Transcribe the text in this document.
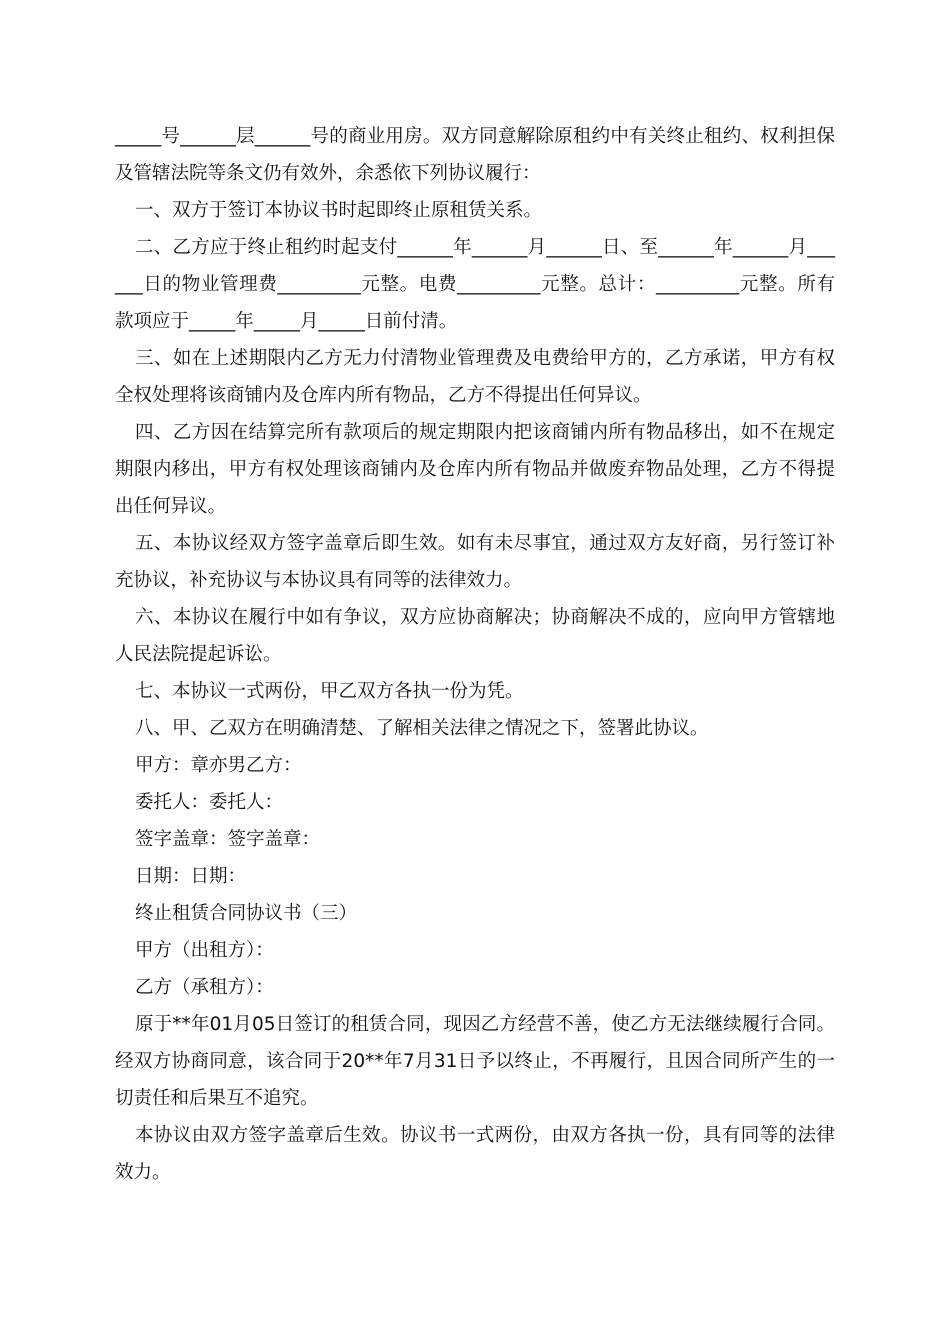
_____号______层______号的商业用房。双方同意解除原租约中有关终止租约、权利担保及管辖法院等条文仍有效外，余悉依下列协议履行：

一、双方于签订本协议书时起即终止原租赁关系。

二、乙方应于终止租约时起支付______年______月______日、至______年______月______日的物业管理费_________元整。电费_________元整。总计：_________元整。所有款项应于_____年_____月_____日前付清。

三、如在上述期限内乙方无力付清物业管理费及电费给甲方的，乙方承诺，甲方有权全权处理将该商铺内及仓库内所有物品，乙方不得提出任何异议。

四、乙方因在结算完所有款项后的规定期限内把该商铺内所有物品移出，如不在规定期限内移出，甲方有权处理该商铺内及仓库内所有物品并做废弃物品处理，乙方不得提出任何异议。

五、本协议经双方签字盖章后即生效。如有未尽事宜，通过双方友好商，另行签订补充协议，补充协议与本协议具有同等的法律效力。

六、本协议在履行中如有争议，双方应协商解决；协商解决不成的，应向甲方管辖地人民法院提起诉讼。

七、本协议一式两份，甲乙双方各执一份为凭。

八、甲、乙双方在明确清楚、了解相关法律之情况之下，签署此协议。

甲方：章亦男乙方：

委托人：委托人：

签字盖章：签字盖章：

日期：日期：

终止租赁合同协议书（三）

甲方（出租方）：

乙方（承租方）：

原于**年01月05日签订的租赁合同，现因乙方经营不善，使乙方无法继续履行合同。经双方协商同意，该合同于20**年7月31日予以终止，不再履行，且因合同所产生的一切责任和后果互不追究。

本协议由双方签字盖章后生效。协议书一式两份，由双方各执一份，具有同等的法律效力。
